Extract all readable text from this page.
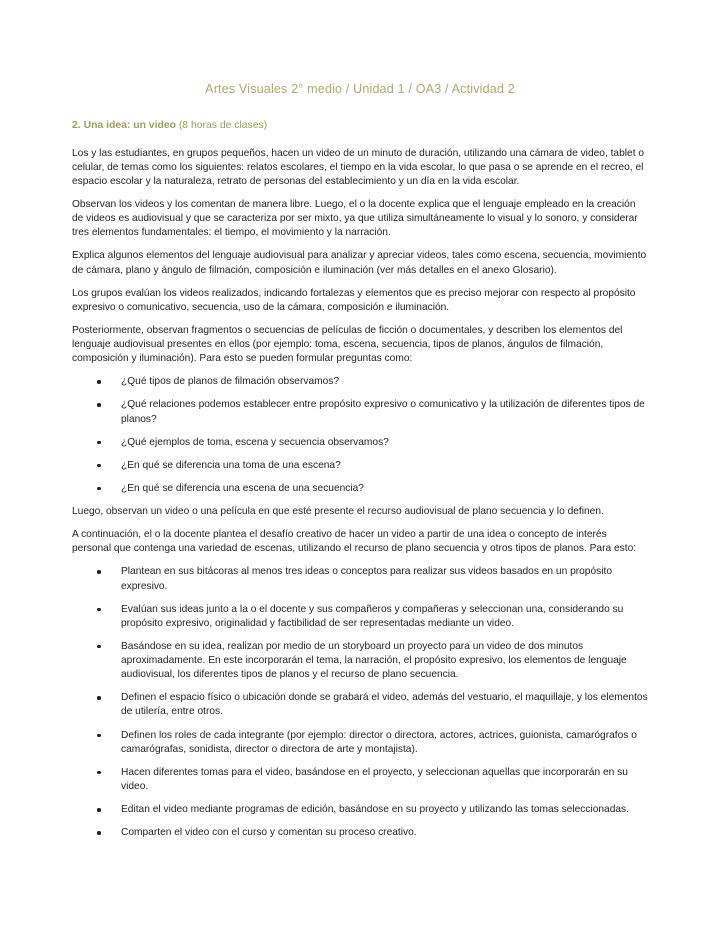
Artes Visuales 2° medio / Unidad 1 / OA3 / Actividad 2
2. Una idea: un video (8 horas de clases)

Los y las estudiantes, en grupos pequeños, hacen un video de un minuto de duración, utilizando una cámara de video, tablet o celular, de temas como los siguientes: relatos escolares, el tiempo en la vida escolar, lo que pasa o se aprende en el recreo, el espacio escolar y la naturaleza, retrato de personas del establecimiento y un día en la vida escolar.

Observan los videos y los comentan de manera libre. Luego, el o la docente explica que el lenguaje empleado en la creación de videos es audiovisual y que se caracteriza por ser mixto, ya que utiliza simultáneamente lo visual y lo sonoro, y considerar tres elementos fundamentales: el tiempo, el movimiento y la narración.

Explica algunos elementos del lenguaje audiovisual para analizar y apreciar videos, tales como escena, secuencia, movimiento de cámara, plano y ángulo de filmación, composición e iluminación (ver más detalles en el anexo Glosario).

Los grupos evalúan los videos realizados, indicando fortalezas y elementos que es preciso mejorar con respecto al propósito expresivo o comunicativo, secuencia, uso de la cámara, composición e iluminación.

Posteriormente, observan fragmentos o secuencias de películas de ficción o documentales, y describen los elementos del lenguaje audiovisual presentes en ellos (por ejemplo: toma, escena, secuencia, tipos de planos, ángulos de filmación, composición y iluminación). Para esto se pueden formular preguntas como:

¿Qué tipos de planos de filmación observamos?
¿Qué relaciones podemos establecer entre propósito expresivo o comunicativo y la utilización de diferentes tipos de planos?
¿Qué ejemplos de toma, escena y secuencia observamos?
¿En qué se diferencia una toma de una escena?
¿En qué se diferencia una escena de una secuencia?

Luego, observan un video o una película en que esté presente el recurso audiovisual de plano secuencia y lo definen.

A continuación, el o la docente plantea el desafío creativo de hacer un video a partir de una idea o concepto de interés personal que contenga una variedad de escenas, utilizando el recurso de plano secuencia y otros tipos de planos. Para esto:

Plantean en sus bitácoras al menos tres ideas o conceptos para realizar sus videos basados en un propósito expresivo.
Evalúan sus ideas junto a la o el docente y sus compañeros y compañeras y seleccionan una, considerando su propósito expresivo, originalidad y factibilidad de ser representadas mediante un video.
Basándose en su idea, realizan por medio de un storyboard un proyecto para un video de dos minutos aproximadamente. En este incorporarán el tema, la narración, el propósito expresivo, los elementos de lenguaje audiovisual, los diferentes tipos de planos y el recurso de plano secuencia.
Definen el espacio físico o ubicación donde se grabará el video, además del vestuario, el maquillaje, y los elementos de utilería, entre otros.
Definen los roles de cada integrante (por ejemplo: director o directora, actores, actrices, guionista, camarógrafos o camarógrafas, sonidista, director o directora de arte y montajista).
Hacen diferentes tomas para el video, basándose en el proyecto, y seleccionan aquellas que incorporarán en su video.
Editan el video mediante programas de edición, basándose en su proyecto y utilizando las tomas seleccionadas.
Comparten el video con el curso y comentan su proceso creativo.
